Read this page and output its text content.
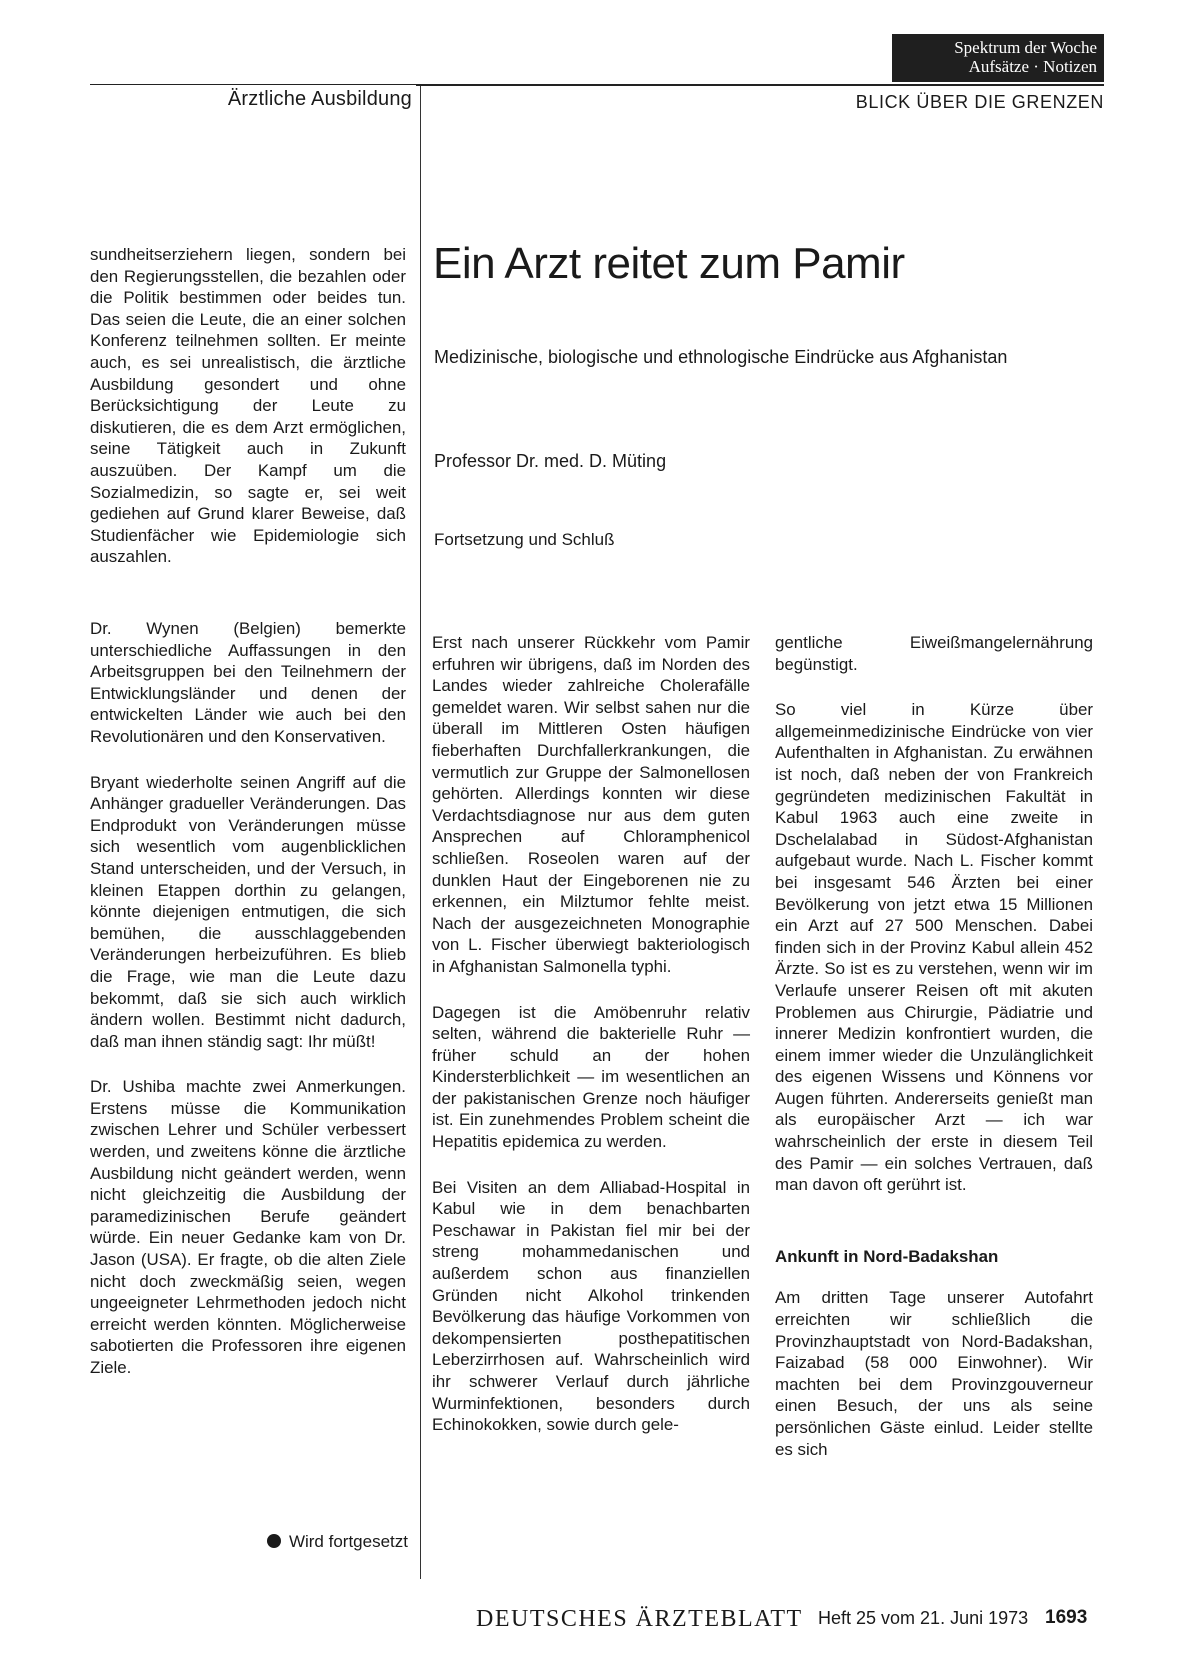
Spektrum der Woche
Aufsätze · Notizen
Ärztliche Ausbildung	BLICK ÜBER DIE GRENZEN
Ein Arzt reitet zum Pamir
Medizinische, biologische und ethnologische Eindrücke aus Afghanistan
Professor Dr. med. D. Müting
Fortsetzung und Schluß

sundheitserziehern liegen, sondern bei den Regierungsstellen, die bezahlen oder die Politik bestimmen oder beides tun. Das seien die Leute, die an einer solchen Konferenz teilnehmen sollten. Er meinte auch, es sei unrealistisch, die ärztliche Ausbildung gesondert und ohne Berücksichtigung der Leute zu diskutieren, die es dem Arzt ermöglichen, seine Tätigkeit auch in Zukunft auszuüben. Der Kampf um die Sozialmedizin, so sagte er, sei weit gediehen auf Grund klarer Beweise, daß Studienfächer wie Epidemiologie sich auszahlen.

Dr. Wynen (Belgien) bemerkte unterschiedliche Auffassungen in den Arbeitsgruppen bei den Teilnehmern der Entwicklungsländer und denen der entwickelten Länder wie auch bei den Revolutionären und den Konservativen.

Bryant wiederholte seinen Angriff auf die Anhänger gradueller Veränderungen. Das Endprodukt von Veränderungen müsse sich wesentlich vom augenblicklichen Stand unterscheiden, und der Versuch, in kleinen Etappen dorthin zu gelangen, könnte diejenigen entmutigen, die sich bemühen, die ausschlaggebenden Veränderungen herbeizuführen. Es blieb die Frage, wie man die Leute dazu bekommt, daß sie sich auch wirklich ändern wollen. Bestimmt nicht dadurch, daß man ihnen ständig sagt: Ihr müßt!

Dr. Ushiba machte zwei Anmerkungen. Erstens müsse die Kommunikation zwischen Lehrer und Schüler verbessert werden, und zweitens könne die ärztliche Ausbildung nicht geändert werden, wenn nicht gleichzeitig die Ausbildung der paramedizinischen Berufe geändert würde. Ein neuer Gedanke kam von Dr. Jason (USA). Er fragte, ob die alten Ziele nicht doch zweckmäßig seien, wegen ungeeigneter Lehrmethoden jedoch nicht erreicht werden könnten. Möglicherweise sabotierten die Professoren ihre eigenen Ziele.

Wird fortgesetzt

Erst nach unserer Rückkehr vom Pamir erfuhren wir übrigens, daß im Norden des Landes wieder zahlreiche Cholerafälle gemeldet waren. Wir selbst sahen nur die überall im Mittleren Osten häufigen fieberhaften Durchfallerkrankungen, die vermutlich zur Gruppe der Salmonellosen gehörten. Allerdings konnten wir diese Verdachtsdiagnose nur aus dem guten Ansprechen auf Chloramphenicol schließen. Roseolen waren auf der dunklen Haut der Eingeborenen nie zu erkennen, ein Milztumor fehlte meist. Nach der ausgezeichneten Monographie von L. Fischer überwiegt bakteriologisch in Afghanistan Salmonella typhi.

Dagegen ist die Amöbenruhr relativ selten, während die bakterielle Ruhr — früher schuld an der hohen Kindersterblichkeit — im wesentlichen an der pakistanischen Grenze noch häufiger ist. Ein zunehmendes Problem scheint die Hepatitis epidemica zu werden.

Bei Visiten an dem Alliabad-Hospital in Kabul wie in dem benachbarten Peschawar in Pakistan fiel mir bei der streng mohammedanischen und außerdem schon aus finanziellen Gründen nicht Alkohol trinkenden Bevölkerung das häufige Vorkommen von dekompensierten posthepatitischen Leberzirrhosen auf. Wahrscheinlich wird ihr schwerer Verlauf durch jährliche Wurminfektionen, besonders durch Echinokokken, sowie durch gele-

gentliche Eiweißmangelernährung begünstigt.

So viel in Kürze über allgemeinmedizinische Eindrücke von vier Aufenthalten in Afghanistan. Zu erwähnen ist noch, daß neben der von Frankreich gegründeten medizinischen Fakultät in Kabul 1963 auch eine zweite in Dschelalabad in Südost-Afghanistan aufgebaut wurde. Nach L. Fischer kommt bei insgesamt 546 Ärzten bei einer Bevölkerung von jetzt etwa 15 Millionen ein Arzt auf 27 500 Menschen. Dabei finden sich in der Provinz Kabul allein 452 Ärzte. So ist es zu verstehen, wenn wir im Verlaufe unserer Reisen oft mit akuten Problemen aus Chirurgie, Pädiatrie und innerer Medizin konfrontiert wurden, die einem immer wieder die Unzulänglichkeit des eigenen Wissens und Könnens vor Augen führten. Andererseits genießt man als europäischer Arzt — ich war wahrscheinlich der erste in diesem Teil des Pamir — ein solches Vertrauen, daß man davon oft gerührt ist.

Ankunft in Nord-Badakshan

Am dritten Tage unserer Autofahrt erreichten wir schließlich die Provinzhauptstadt von Nord-Badakshan, Faizabad (58 000 Einwohner). Wir machten bei dem Provinzgouverneur einen Besuch, der uns als seine persönlichen Gäste einlud. Leider stellte es sich

DEUTSCHES ÄRZTEBLATT Heft 25 vom 21. Juni 1973 1693
